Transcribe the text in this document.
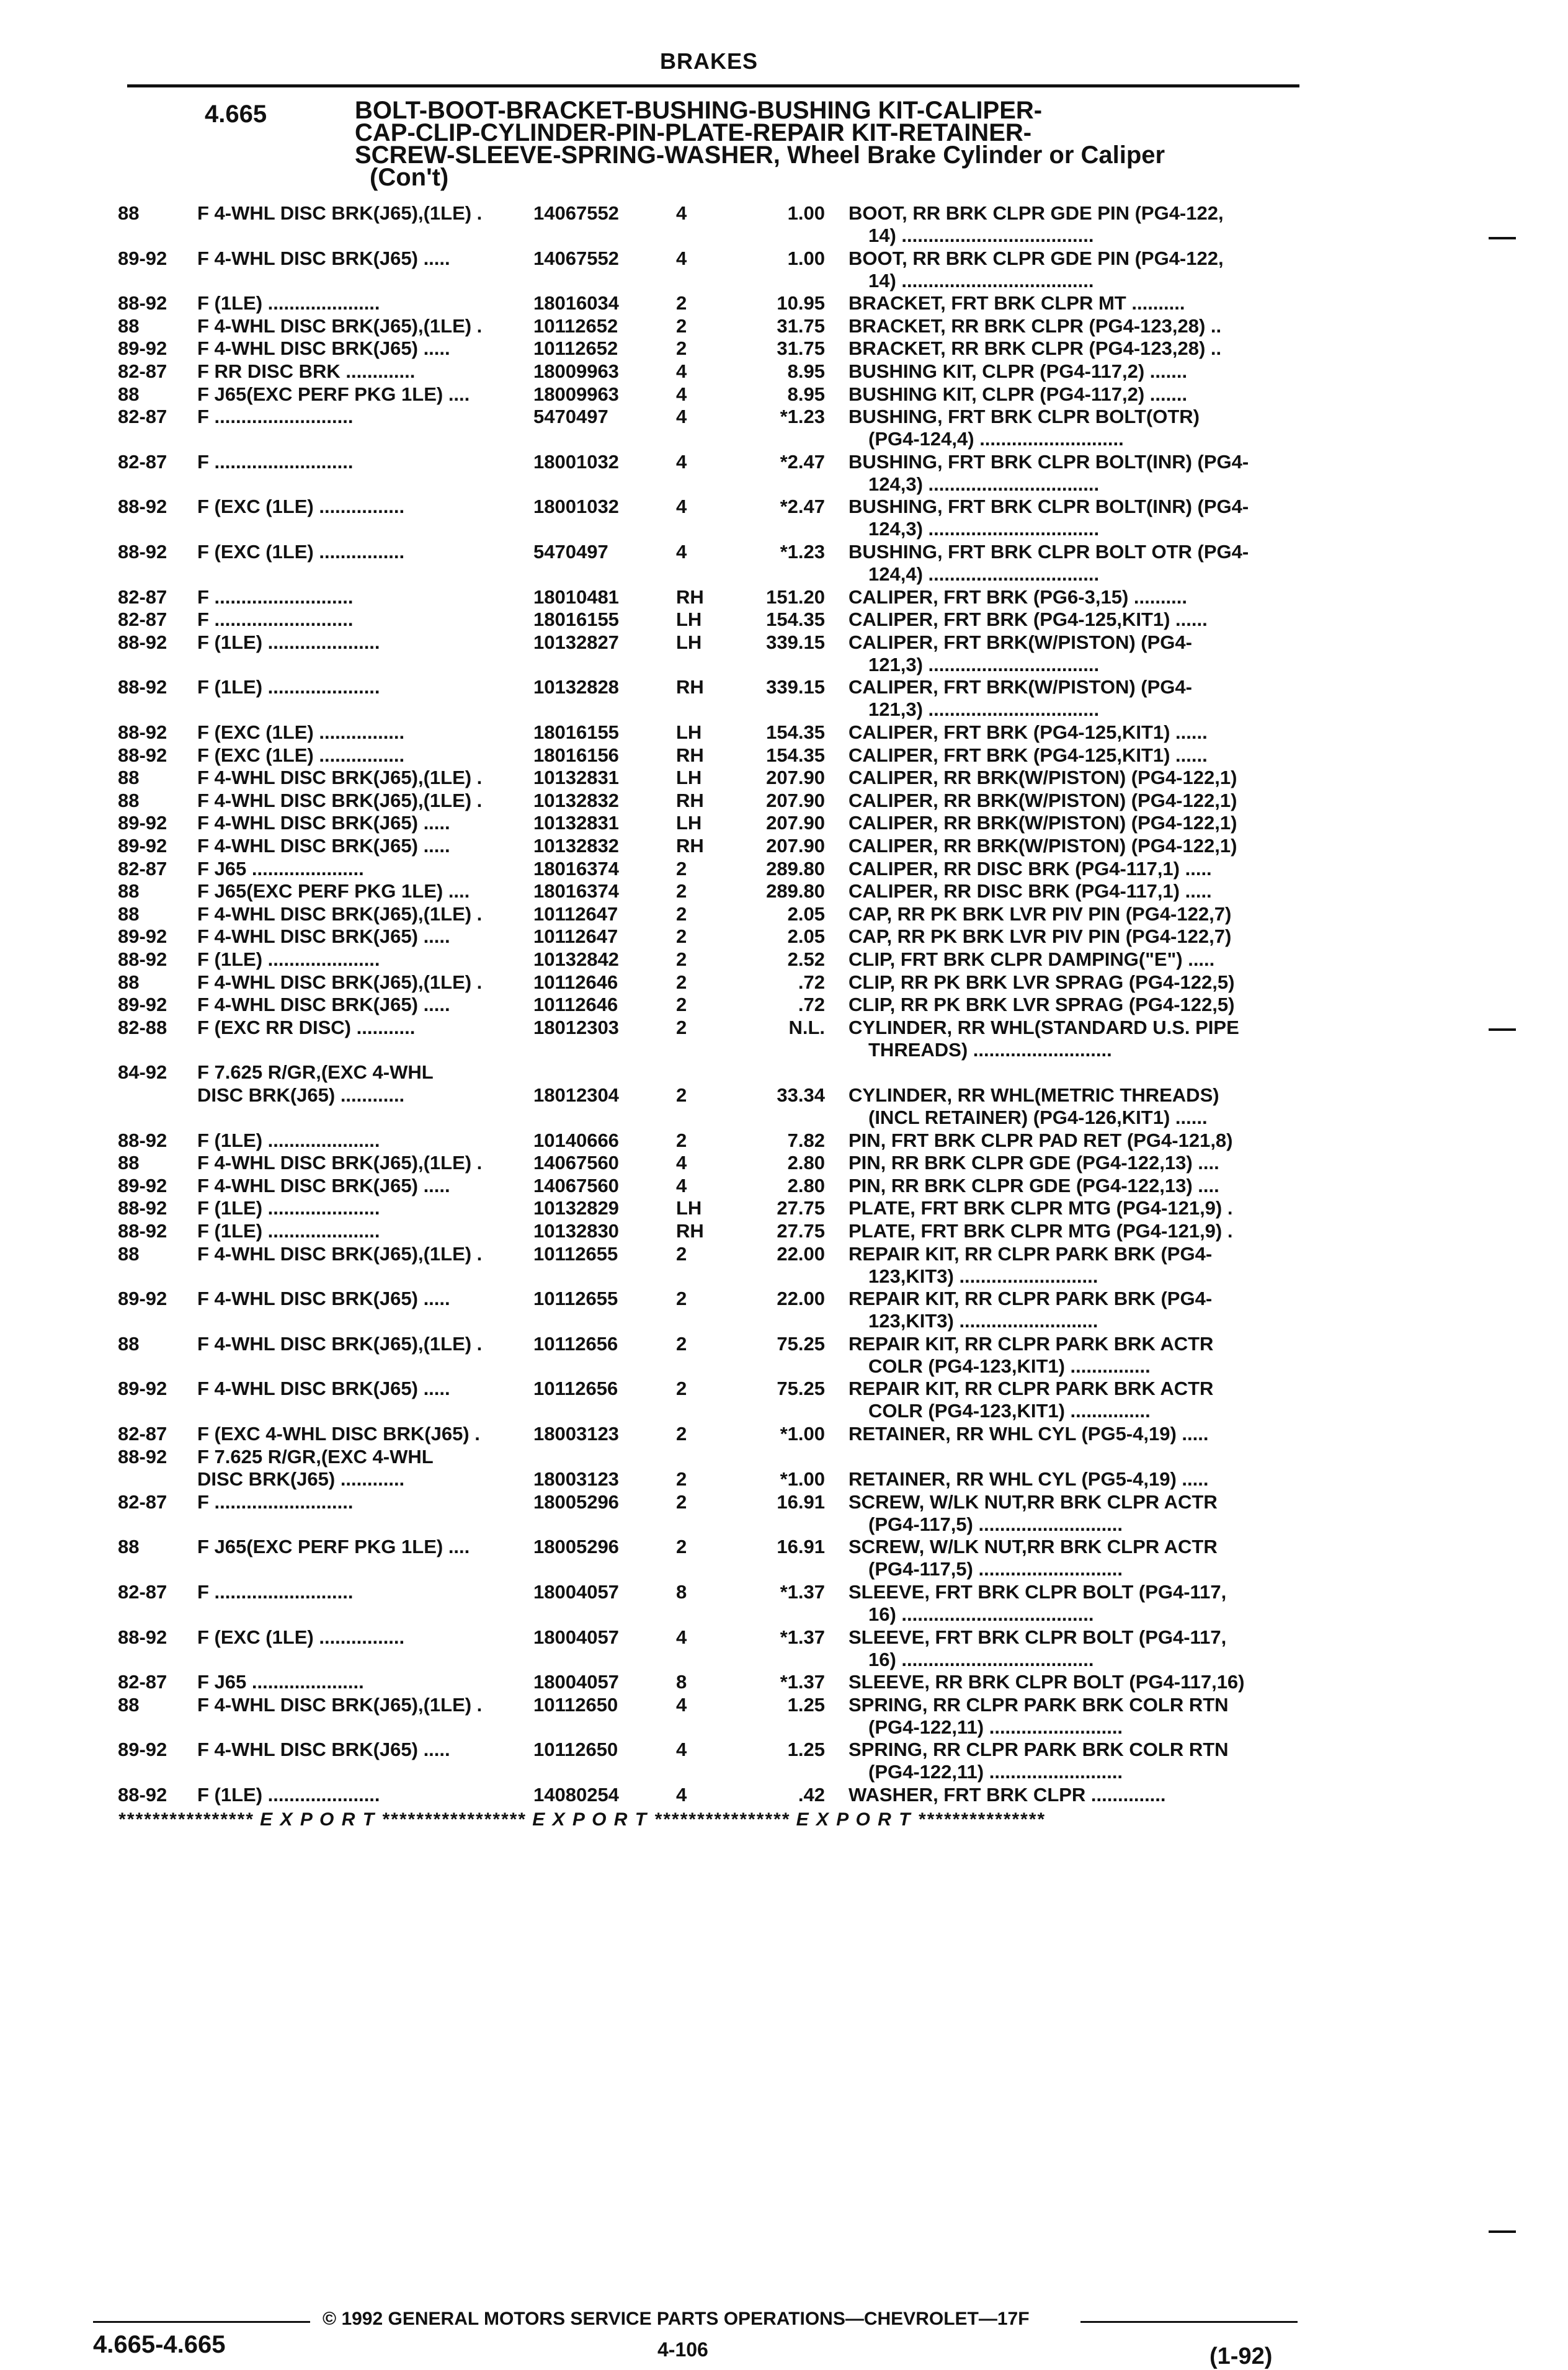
BRAKES
4.665	BOLT-BOOT-BRACKET-BUSHING-BUSHING KIT-CALIPER-
CAP-CLIP-CYLINDER-PIN-PLATE-REPAIR KIT-RETAINER-
SCREW-SLEEVE-SPRING-WASHER, Wheel Brake Cylinder or Caliper
(Con't)
88	F 4-WHL DISC BRK(J65),(1LE) .	14067552	4	1.00 BOOT, RR BRK CLPR GDE PIN (PG4-122,
14) ....................................
89-92	F 4-WHL DISC BRK(J65) .....	14067552	4	1.00 BOOT, RR BRK CLPR GDE PIN (PG4-122,
14) ....................................
88-92	F (1LE) .....................	18016034	2	10.95 BRACKET, FRT BRK CLPR MT ..........
88	F 4-WHL DISC BRK(J65),(1LE) .	10112652	2	31.75 BRACKET, RR BRK CLPR (PG4-123,28) ..
89-92	F 4-WHL DISC BRK(J65) .....	10112652	2	31.75 BRACKET, RR BRK CLPR (PG4-123,28) ..
82-87	F RR DISC BRK .............	18009963	4	8.95 BUSHING KIT, CLPR (PG4-117,2) .......
88	F J65(EXC PERF PKG 1LE) ....	18009963	4	8.95 BUSHING KIT, CLPR (PG4-117,2) .......
82-87	F ..........................	5470497	4	*1.23 BUSHING, FRT BRK CLPR BOLT(OTR)
(PG4-124,4) ...........................
82-87	F ..........................	18001032	4	*2.47 BUSHING, FRT BRK CLPR BOLT(INR) (PG4-
124,3) ................................
88-92	F (EXC (1LE) ................	18001032	4	*2.47 BUSHING, FRT BRK CLPR BOLT(INR) (PG4-
124,3) ................................
88-92	F (EXC (1LE) ................	5470497	4	*1.23 BUSHING, FRT BRK CLPR BOLT OTR (PG4-
124,4) ................................
82-87	F ..........................	18010481	RH	151.20 CALIPER, FRT BRK (PG6-3,15) ..........
82-87	F ..........................	18016155	LH	154.35 CALIPER, FRT BRK (PG4-125,KIT1) ......
88-92	F (1LE) .....................	10132827	LH	339.15 CALIPER, FRT BRK(W/PISTON) (PG4-
121,3) ................................
88-92	F (1LE) .....................	10132828	RH	339.15 CALIPER, FRT BRK(W/PISTON) (PG4-
121,3) ................................
88-92	F (EXC (1LE) ................	18016155	LH	154.35 CALIPER, FRT BRK (PG4-125,KIT1) ......
88-92	F (EXC (1LE) ................	18016156	RH	154.35 CALIPER, FRT BRK (PG4-125,KIT1) ......
88	F 4-WHL DISC BRK(J65),(1LE) .	10132831	LH	207.90 CALIPER, RR BRK(W/PISTON) (PG4-122,1)
88	F 4-WHL DISC BRK(J65),(1LE) .	10132832	RH	207.90 CALIPER, RR BRK(W/PISTON) (PG4-122,1)
89-92	F 4-WHL DISC BRK(J65) .....	10132831	LH	207.90 CALIPER, RR BRK(W/PISTON) (PG4-122,1)
89-92	F 4-WHL DISC BRK(J65) .....	10132832	RH	207.90 CALIPER, RR BRK(W/PISTON) (PG4-122,1)
82-87	F J65 .....................	18016374	2	289.80 CALIPER, RR DISC BRK (PG4-117,1) .....
88	F J65(EXC PERF PKG 1LE) ....	18016374	2	289.80 CALIPER, RR DISC BRK (PG4-117,1) .....
88	F 4-WHL DISC BRK(J65),(1LE) .	10112647	2	2.05 CAP, RR PK BRK LVR PIV PIN (PG4-122,7)
89-92	F 4-WHL DISC BRK(J65) .....	10112647	2	2.05 CAP, RR PK BRK LVR PIV PIN (PG4-122,7)
88-92	F (1LE) .....................	10132842	2	2.52 CLIP, FRT BRK CLPR DAMPING("E") .....
88	F 4-WHL DISC BRK(J65),(1LE) .	10112646	2	.72 CLIP, RR PK BRK LVR SPRAG (PG4-122,5)
89-92	F 4-WHL DISC BRK(J65) .....	10112646	2	.72 CLIP, RR PK BRK LVR SPRAG (PG4-122,5)
82-88	F (EXC RR DISC) ...........	18012303	2	N.L. CYLINDER, RR WHL(STANDARD U.S. PIPE
THREADS) ..........................
84-92	F 7.625 R/GR,(EXC 4-WHL
DISC BRK(J65) ............	18012304	2	33.34 CYLINDER, RR WHL(METRIC THREADS)
(INCL RETAINER) (PG4-126,KIT1) ......
88-92	F (1LE) .....................	10140666	2	7.82 PIN, FRT BRK CLPR PAD RET (PG4-121,8)
88	F 4-WHL DISC BRK(J65),(1LE) .	14067560	4	2.80 PIN, RR BRK CLPR GDE (PG4-122,13) ....
89-92	F 4-WHL DISC BRK(J65) .....	14067560	4	2.80 PIN, RR BRK CLPR GDE (PG4-122,13) ....
88-92	F (1LE) .....................	10132829	LH	27.75 PLATE, FRT BRK CLPR MTG (PG4-121,9) .
88-92	F (1LE) .....................	10132830	RH	27.75 PLATE, FRT BRK CLPR MTG (PG4-121,9) .
88	F 4-WHL DISC BRK(J65),(1LE) .	10112655	2	22.00 REPAIR KIT, RR CLPR PARK BRK (PG4-
123,KIT3) ..........................
89-92	F 4-WHL DISC BRK(J65) .....	10112655	2	22.00 REPAIR KIT, RR CLPR PARK BRK (PG4-
123,KIT3) ..........................
88	F 4-WHL DISC BRK(J65),(1LE) .	10112656	2	75.25 REPAIR KIT, RR CLPR PARK BRK ACTR
COLR (PG4-123,KIT1) ...............
89-92	F 4-WHL DISC BRK(J65) .....	10112656	2	75.25 REPAIR KIT, RR CLPR PARK BRK ACTR
COLR (PG4-123,KIT1) ...............
82-87	F (EXC 4-WHL DISC BRK(J65) .	18003123	2	*1.00 RETAINER, RR WHL CYL (PG5-4,19) .....
88-92	F 7.625 R/GR,(EXC 4-WHL
DISC BRK(J65) ............	18003123	2	*1.00 RETAINER, RR WHL CYL (PG5-4,19) .....
82-87	F ..........................	18005296	2	16.91 SCREW, W/LK NUT,RR BRK CLPR ACTR
(PG4-117,5) ...........................
88	F J65(EXC PERF PKG 1LE) ....	18005296	2	16.91 SCREW, W/LK NUT,RR BRK CLPR ACTR
(PG4-117,5) ...........................
82-87	F ..........................	18004057	8	*1.37 SLEEVE, FRT BRK CLPR BOLT (PG4-117,
16) ....................................
88-92	F (EXC (1LE) ................	18004057	4	*1.37 SLEEVE, FRT BRK CLPR BOLT (PG4-117,
16) ....................................
82-87	F J65 .....................	18004057	8	*1.37 SLEEVE, RR BRK CLPR BOLT (PG4-117,16)
88	F 4-WHL DISC BRK(J65),(1LE) .	10112650	4	1.25 SPRING, RR CLPR PARK BRK COLR RTN
(PG4-122,11) .........................
89-92	F 4-WHL DISC BRK(J65) .....	10112650	4	1.25 SPRING, RR CLPR PARK BRK COLR RTN
(PG4-122,11) .........................
88-92	F (1LE) .....................	14080254	4	.42 WASHER, FRT BRK CLPR ..............
**************** E X P O R T ***************** E X P O R T **************** E X P O R T ***************
© 1992 GENERAL MOTORS SERVICE PARTS OPERATIONS—CHEVROLET—17F
4.665-4.665	4-106	(1-92)
